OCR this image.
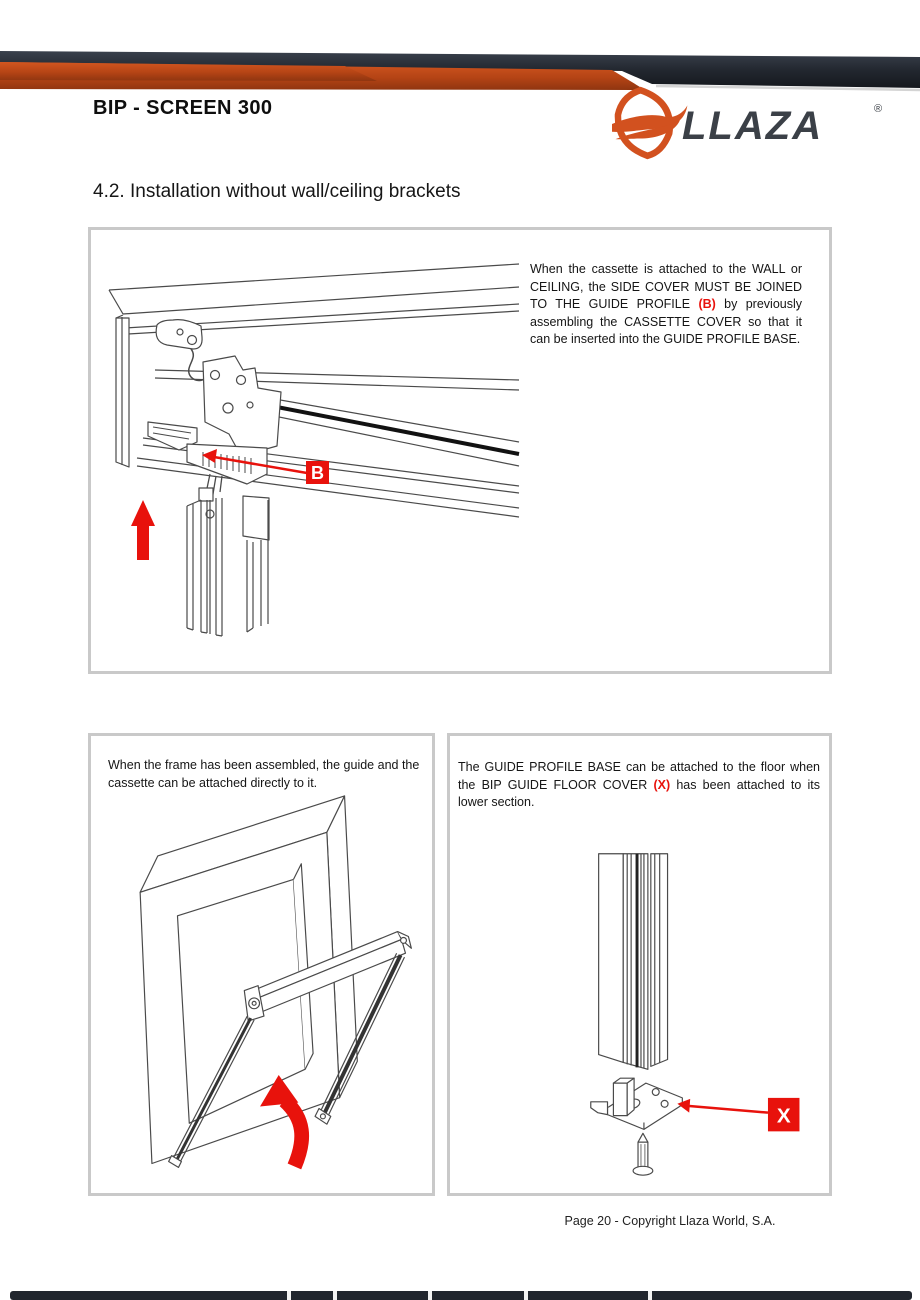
BIP - SCREEN 300	LLAZA	®
4.2. Installation without wall/ceiling brackets
B
When the cassette is attached to the WALL or CEILING, the SIDE COVER MUST BE JOINED TO THE GUIDE PROFILE (B) by previously assembling the CASSETTE COVER so that it can be inserted into the GUIDE PROFILE BASE.
When the frame has been assembled, the guide and the cassette can be attached directly to it.
The GUIDE PROFILE BASE can be attached to the floor when the BIP GUIDE FLOOR COVER (X) has been attached to its lower section.
X
Page 20 - Copyright Llaza World, S.A.
